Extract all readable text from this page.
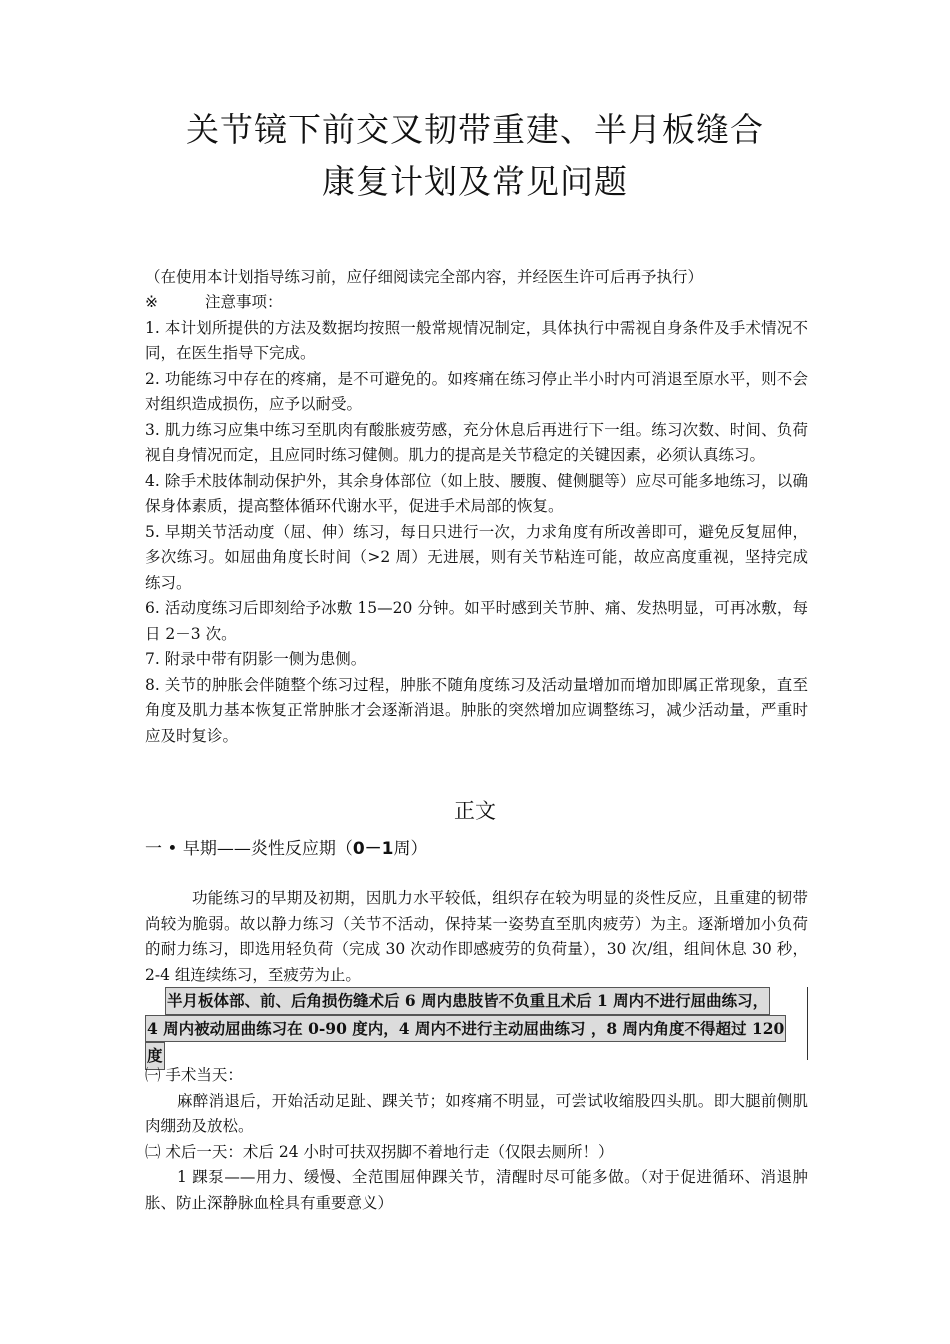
关节镜下前交叉韧带重建、半月板缝合
康复计划及常见问题

（在使用本计划指导练习前，应仔细阅读完全部内容，并经医生许可后再予执行）

※	注意事项：

1. 本计划所提供的方法及数据均按照一般常规情况制定，具体执行中需视自身条件及手术情况不同，在医生指导下完成。

2. 功能练习中存在的疼痛，是不可避免的。如疼痛在练习停止半小时内可消退至原水平，则不会对组织造成损伤，应予以耐受。

3. 肌力练习应集中练习至肌肉有酸胀疲劳感，充分休息后再进行下一组。练习次数、时间、负荷视自身情况而定，且应同时练习健侧。肌力的提高是关节稳定的关键因素，必须认真练习。

4. 除手术肢体制动保护外，其余身体部位（如上肢、腰腹、健侧腿等）应尽可能多地练习，以确保身体素质，提高整体循环代谢水平，促进手术局部的恢复。

5. 早期关节活动度（屈、伸）练习，每日只进行一次，力求角度有所改善即可，避免反复屈伸，多次练习。如屈曲角度长时间（>2 周）无进展，则有关节粘连可能，故应高度重视，坚持完成练习。

6. 活动度练习后即刻给予冰敷 15—20 分钟。如平时感到关节肿、痛、发热明显，可再冰敷，每日 2－3 次。

7. 附录中带有阴影一侧为患侧。

8. 关节的肿胀会伴随整个练习过程，肿胀不随角度练习及活动量增加而增加即属正常现象，直至角度及肌力基本恢复正常肿胀才会逐渐消退。肿胀的突然增加应调整练习，减少活动量，严重时应及时复诊。

正文
一 • 早期——炎性反应期（0－1周）

功能练习的早期及初期，因肌力水平较低，组织存在较为明显的炎性反应，且重建的韧带尚较为脆弱。故以静力练习（关节不活动，保持某一姿势直至肌肉疲劳）为主。逐渐增加小负荷的耐力练习，即选用轻负荷（完成 30 次动作即感疲劳的负荷量），30 次/组，组间休息 30 秒，2-4 组连续练习，至疲劳为止。

半月板体部、前、后角损伤缝术后 6 周内患肢皆不负重且术后 1 周内不进行屈曲练习，
4 周内被动屈曲练习在 0-90 度内，4 周内不进行主动屈曲练习 ，8 周内角度不得超过 120
度

㈠ 手术当天：

麻醉消退后，开始活动足趾、踝关节；如疼痛不明显，可尝试收缩股四头肌。即大腿前侧肌肉绷劲及放松。

㈡ 术后一天：术后 24 小时可扶双拐脚不着地行走（仅限去厕所！）

1 踝泵——用力、缓慢、全范围屈伸踝关节，清醒时尽可能多做。（对于促进循环、消退肿胀、防止深静脉血栓具有重要意义）
